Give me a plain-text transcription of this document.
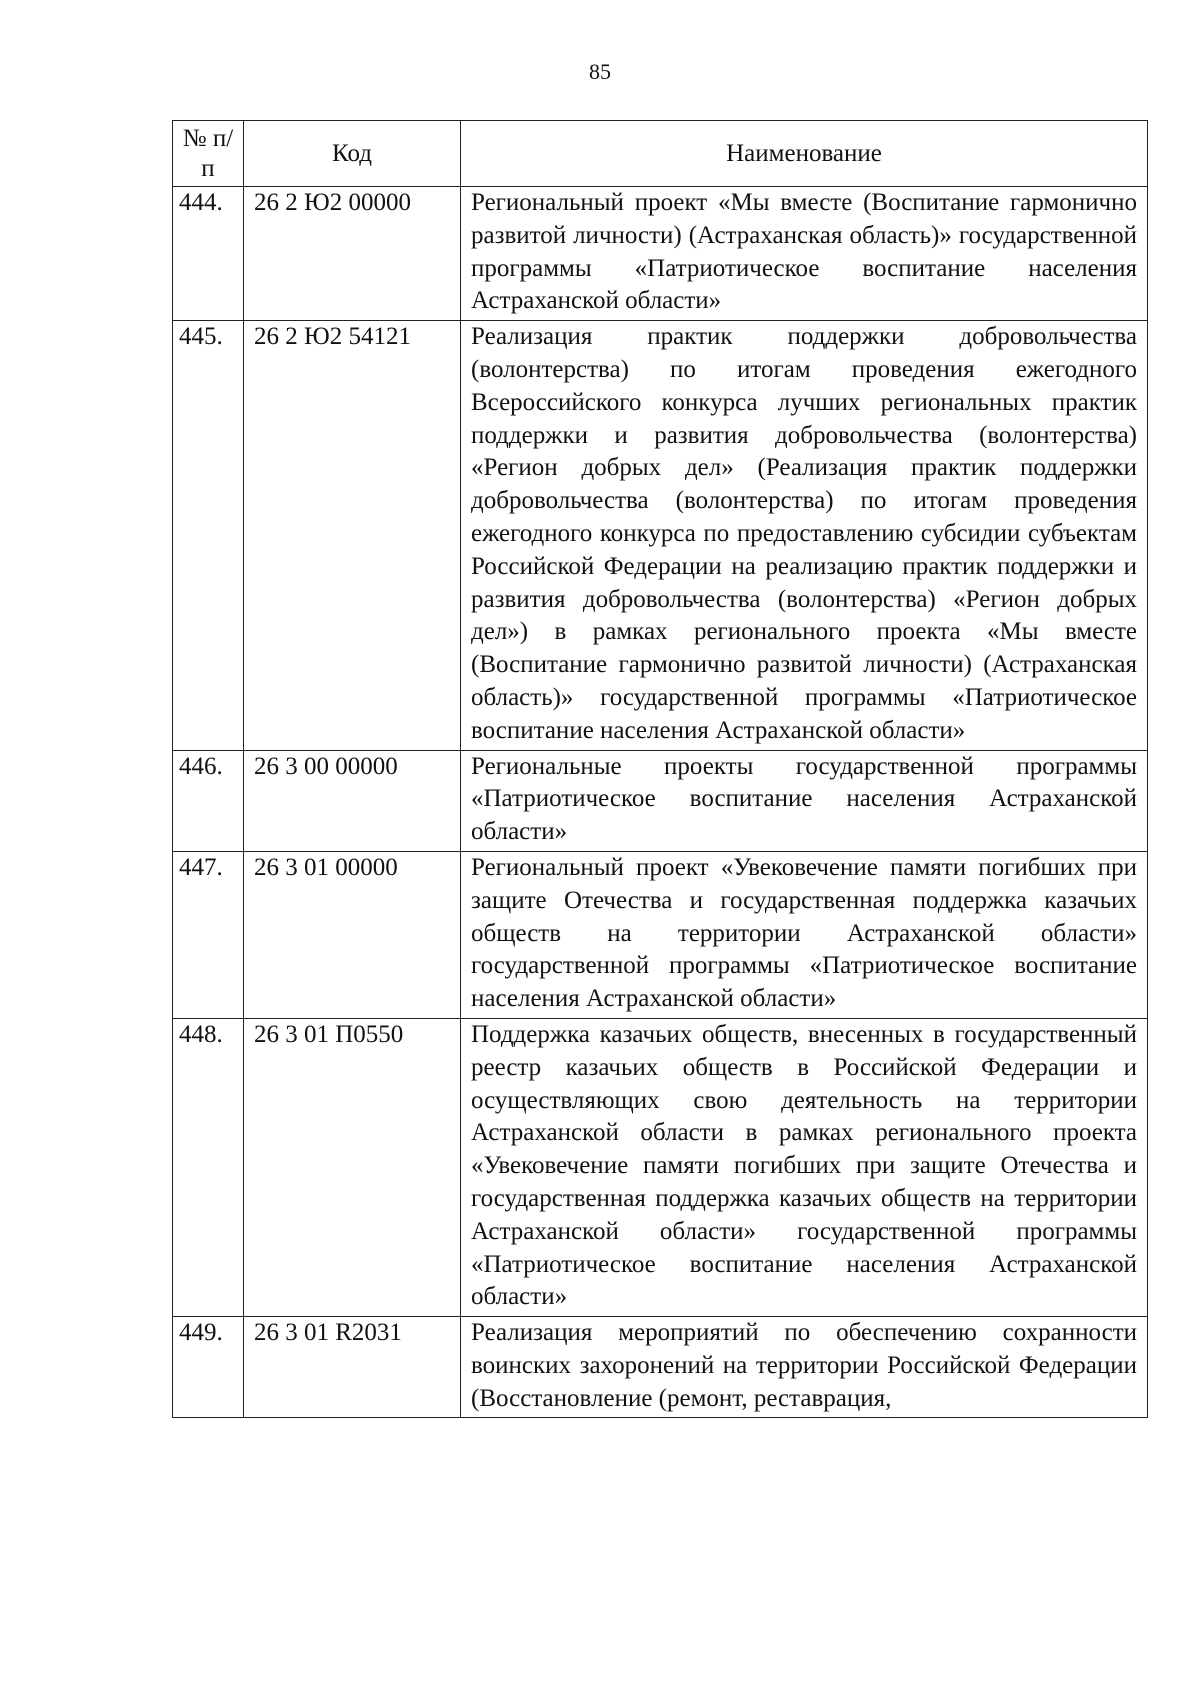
85
№ п/п	Код	Наименование
444.	26 2 Ю2 00000	Региональный проект «Мы вместе (Воспитание гармонично развитой личности) (Астраханская область)» государственной программы «Патриотическое воспитание населения Астраханской области»
445.	26 2 Ю2 54121	Реализация практик поддержки добровольчества (волонтерства) по итогам проведения ежегодного Всероссийского конкурса лучших региональных практик поддержки и развития добровольчества (волонтерства) «Регион добрых дел» (Реализация практик поддержки добровольчества (волонтерства) по итогам проведения ежегодного конкурса по предоставлению субсидии субъектам Российской Федерации на реализацию практик поддержки и развития добровольчества (волонтерства) «Регион добрых дел») в рамках регионального проекта «Мы вместе (Воспитание гармонично развитой личности) (Астраханская область)» государственной программы «Патриотическое воспитание населения Астраханской области»
446.	26 3 00 00000	Региональные проекты государственной программы «Патриотическое воспитание населения Астраханской области»
447.	26 3 01 00000	Региональный проект «Увековечение памяти погибших при защите Отечества и государственная поддержка казачьих обществ на территории Астраханской области» государственной программы «Патриотическое воспитание населения Астраханской области»
448.	26 3 01 П0550	Поддержка казачьих обществ, внесенных в государственный реестр казачьих обществ в Российской Федерации и осуществляющих свою деятельность на территории Астраханской области в рамках регионального проекта «Увековечение памяти погибших при защите Отечества и государственная поддержка казачьих обществ на территории Астраханской области» государственной программы «Патриотическое воспитание населения Астраханской области»
449.	26 3 01 R2031	Реализация мероприятий по обеспечению сохранности воинских захоронений на территории Российской Федерации (Восстановление (ремонт, реставрация,
